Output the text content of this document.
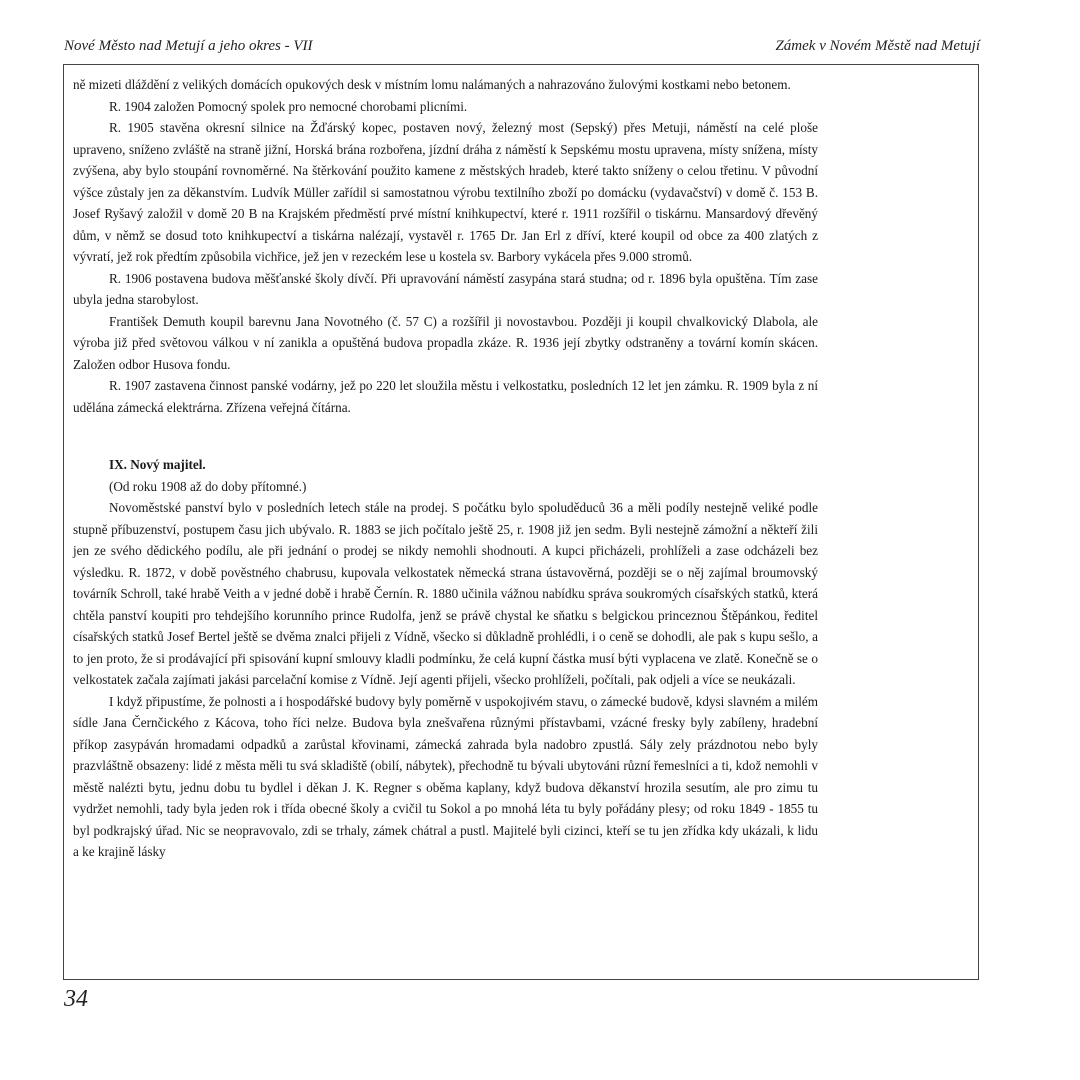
Nové Město nad Metují a jeho okres - VII	Zámek v Novém Městě nad Metují

ně mizeti dláždění z velikých domácích opukových desk v místním lomu nalámaných a nahrazováno žulovými kostkami nebo betonem.

R. 1904 založen Pomocný spolek pro nemocné chorobami plicními.

R. 1905 stavěna okresní silnice na Žďárský kopec, postaven nový, železný most (Sepský) přes Metuji, náměstí na celé ploše upraveno, sníženo zvláště na straně jižní, Horská brána rozbořena, jízdní dráha z náměstí k Sepskému mostu upravena, místy snížena, místy zvýšena, aby bylo stoupání rovnoměrné. Na štěrkování použito kamene z městských hradeb, které takto sníženy o celou třetinu. V původní výšce zůstaly jen za děkanstvím. Ludvík Müller zařídil si samostatnou výrobu textilního zboží po domácku (vydavačství) v domě č. 153 B. Josef Ryšavý založil v domě 20 B na Krajském předměstí prvé místní knihkupectví, které r. 1911 rozšířil o tiskárnu. Mansardový dřevěný dům, v němž se dosud toto knihkupectví a tiskárna nalézají, vystavěl r. 1765 Dr. Jan Erl z dříví, které koupil od obce za 400 zlatých z vývratí, jež rok předtím způsobila vichřice, jež jen v rezeckém lese u kostela sv. Barbory vykácela přes 9.000 stromů.

R. 1906 postavena budova měšťanské školy dívčí. Při upravování náměstí zasypána stará studna; od r. 1896 byla opuštěna. Tím zase ubyla jedna starobylost.

František Demuth koupil barevnu Jana Novotného (č. 57 C) a rozšířil ji novostavbou. Později ji koupil chvalkovický Dlabola, ale výroba již před světovou válkou v ní zanikla a opuštěná budova propadla zkáze. R. 1936 její zbytky odstraněny a tovární komín skácen. Založen odbor Husova fondu.

R. 1907 zastavena činnost panské vodárny, jež po 220 let sloužila městu i velkostatku, posledních 12 let jen zámku. R. 1909 byla z ní udělána zámecká elektrárna. Zřízena veřejná čítárna.

IX. Nový majitel.

(Od roku 1908 až do doby přítomné.)

Novoměstské panství bylo v posledních letech stále na prodej. S počátku bylo spoluděduců 36 a měli podíly nestejně veliké podle stupně příbuzenství, postupem času jich ubývalo. R. 1883 se jich počítalo ještě 25, r. 1908 již jen sedm. Byli nestejně zámožní a někteří žili jen ze svého dědického podílu, ale při jednání o prodej se nikdy nemohli shodnouti. A kupci přicházeli, prohlíželi a zase odcházeli bez výsledku. R. 1872, v době pověstného chabrusu, kupovala velkostatek německá strana ústavověrná, později se o něj zajímal broumovský továrník Schroll, také hrabě Veith a v jedné době i hrabě Černín. R. 1880 učinila vážnou nabídku správa soukromých císařských statků, která chtěla panství koupiti pro tehdejšího korunního prince Rudolfa, jenž se právě chystal ke sňatku s belgickou princeznou Štěpánkou, ředitel císařských statků Josef Bertel ještě se dvěma znalci přijeli z Vídně, všecko si důkladně prohlédli, i o ceně se dohodli, ale pak s kupu sešlo, a to jen proto, že si prodávající při spisování kupní smlouvy kladli podmínku, že celá kupní částka musí býti vyplacena ve zlatě. Konečně se o velkostatek začala zajímati jakási parcelační komise z Vídně. Její agenti přijeli, všecko prohlíželi, počítali, pak odjeli a více se neukázali.

I když připustíme, že polnosti a i hospodářské budovy byly poměrně v uspokojivém stavu, o zámecké budově, kdysi slavném a milém sídle Jana Černčického z Kácova, toho říci nelze. Budova byla znešvařena různými přístavbami, vzácné fresky byly zabíleny, hradební příkop zasypáván hromadami odpadků a zarůstal křovinami, zámecká zahrada byla nadobro zpustlá. Sály zely prázdnotou nebo byly prazvláštně obsazeny: lidé z města měli tu svá skladiště (obilí, nábytek), přechodně tu bývali ubytováni různí řemeslníci a ti, kdož nemohli v městě nalézti bytu, jednu dobu tu bydlel i děkan J. K. Regner s oběma kaplany, když budova děkanství hrozila sesutím, ale pro zimu tu vydržet nemohli, tady byla jeden rok i třída obecné školy a cvičil tu Sokol a po mnohá léta tu byly pořádány plesy; od roku 1849 - 1855 tu byl podkrajský úřad. Nic se neopravovalo, zdi se trhaly, zámek chátral a pustl. Majitelé byli cizinci, kteří se tu jen zřídka kdy ukázali, k lidu a ke krajině lásky

34
